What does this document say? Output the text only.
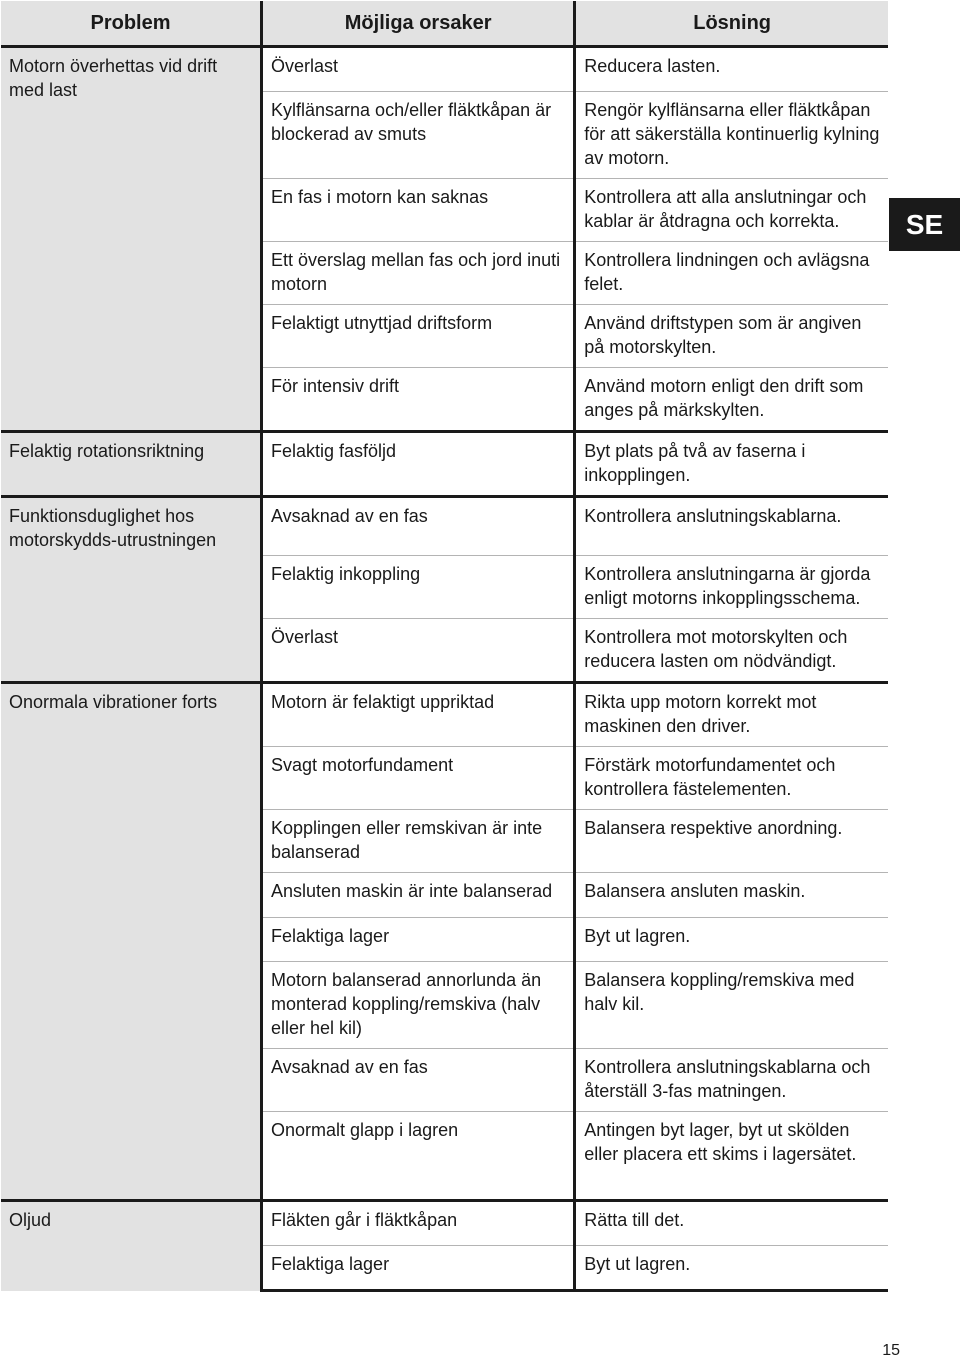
Problem	Möjliga orsaker	Lösning
Motorn överhettas vid drift med last	Överlast	Reducera lasten.
	Kylflänsarna och/eller fläktkåpan är blockerad av smuts	Rengör kylflänsarna eller fläktkåpan för att säkerställa kontinuerlig kylning av motorn.
	En fas i motorn kan saknas	Kontrollera att alla anslutningar och kablar är åtdragna och korrekta.
	Ett överslag mellan fas och jord inuti motorn	Kontrollera lindningen och avlägsna felet.
	Felaktigt utnyttjad driftsform	Använd driftstypen som är angiven på motorskylten.
	För intensiv drift	Använd motorn enligt den drift som anges på märkskylten.
Felaktig rotationsriktning	Felaktig fasföljd	Byt plats på två av faserna i inkopplingen.
Funktionsduglighet hos motorskydds-utrustningen	Avsaknad av en fas	Kontrollera anslutningskablarna.
	Felaktig inkoppling	Kontrollera anslutningarna är gjorda enligt motorns inkopplingsschema.
	Överlast	Kontrollera mot motorskylten och reducera lasten om nödvändigt.
Onormala vibrationer forts	Motorn är felaktigt uppriktad	Rikta upp motorn korrekt mot maskinen den driver.
	Svagt motorfundament	Förstärk motorfundamentet och kontrollera fästelementen.
	Kopplingen eller remskivan är inte balanserad	Balansera respektive anordning.
	Ansluten maskin är inte balanserad	Balansera ansluten maskin.
	Felaktiga lager	Byt ut lagren.
	Motorn balanserad annorlunda än monterad koppling/remskiva (halv eller hel kil)	Balansera koppling/remskiva med halv kil.
	Avsaknad av en fas	Kontrollera anslutningskablarna och återställ 3-fas matningen.
	Onormalt glapp i lagren	Antingen byt lager, byt ut skölden eller placera ett skims i lagersätet.
Oljud	Fläkten går i fläktkåpan	Rätta till det.
	Felaktiga lager	Byt ut lagren.
SE
15
